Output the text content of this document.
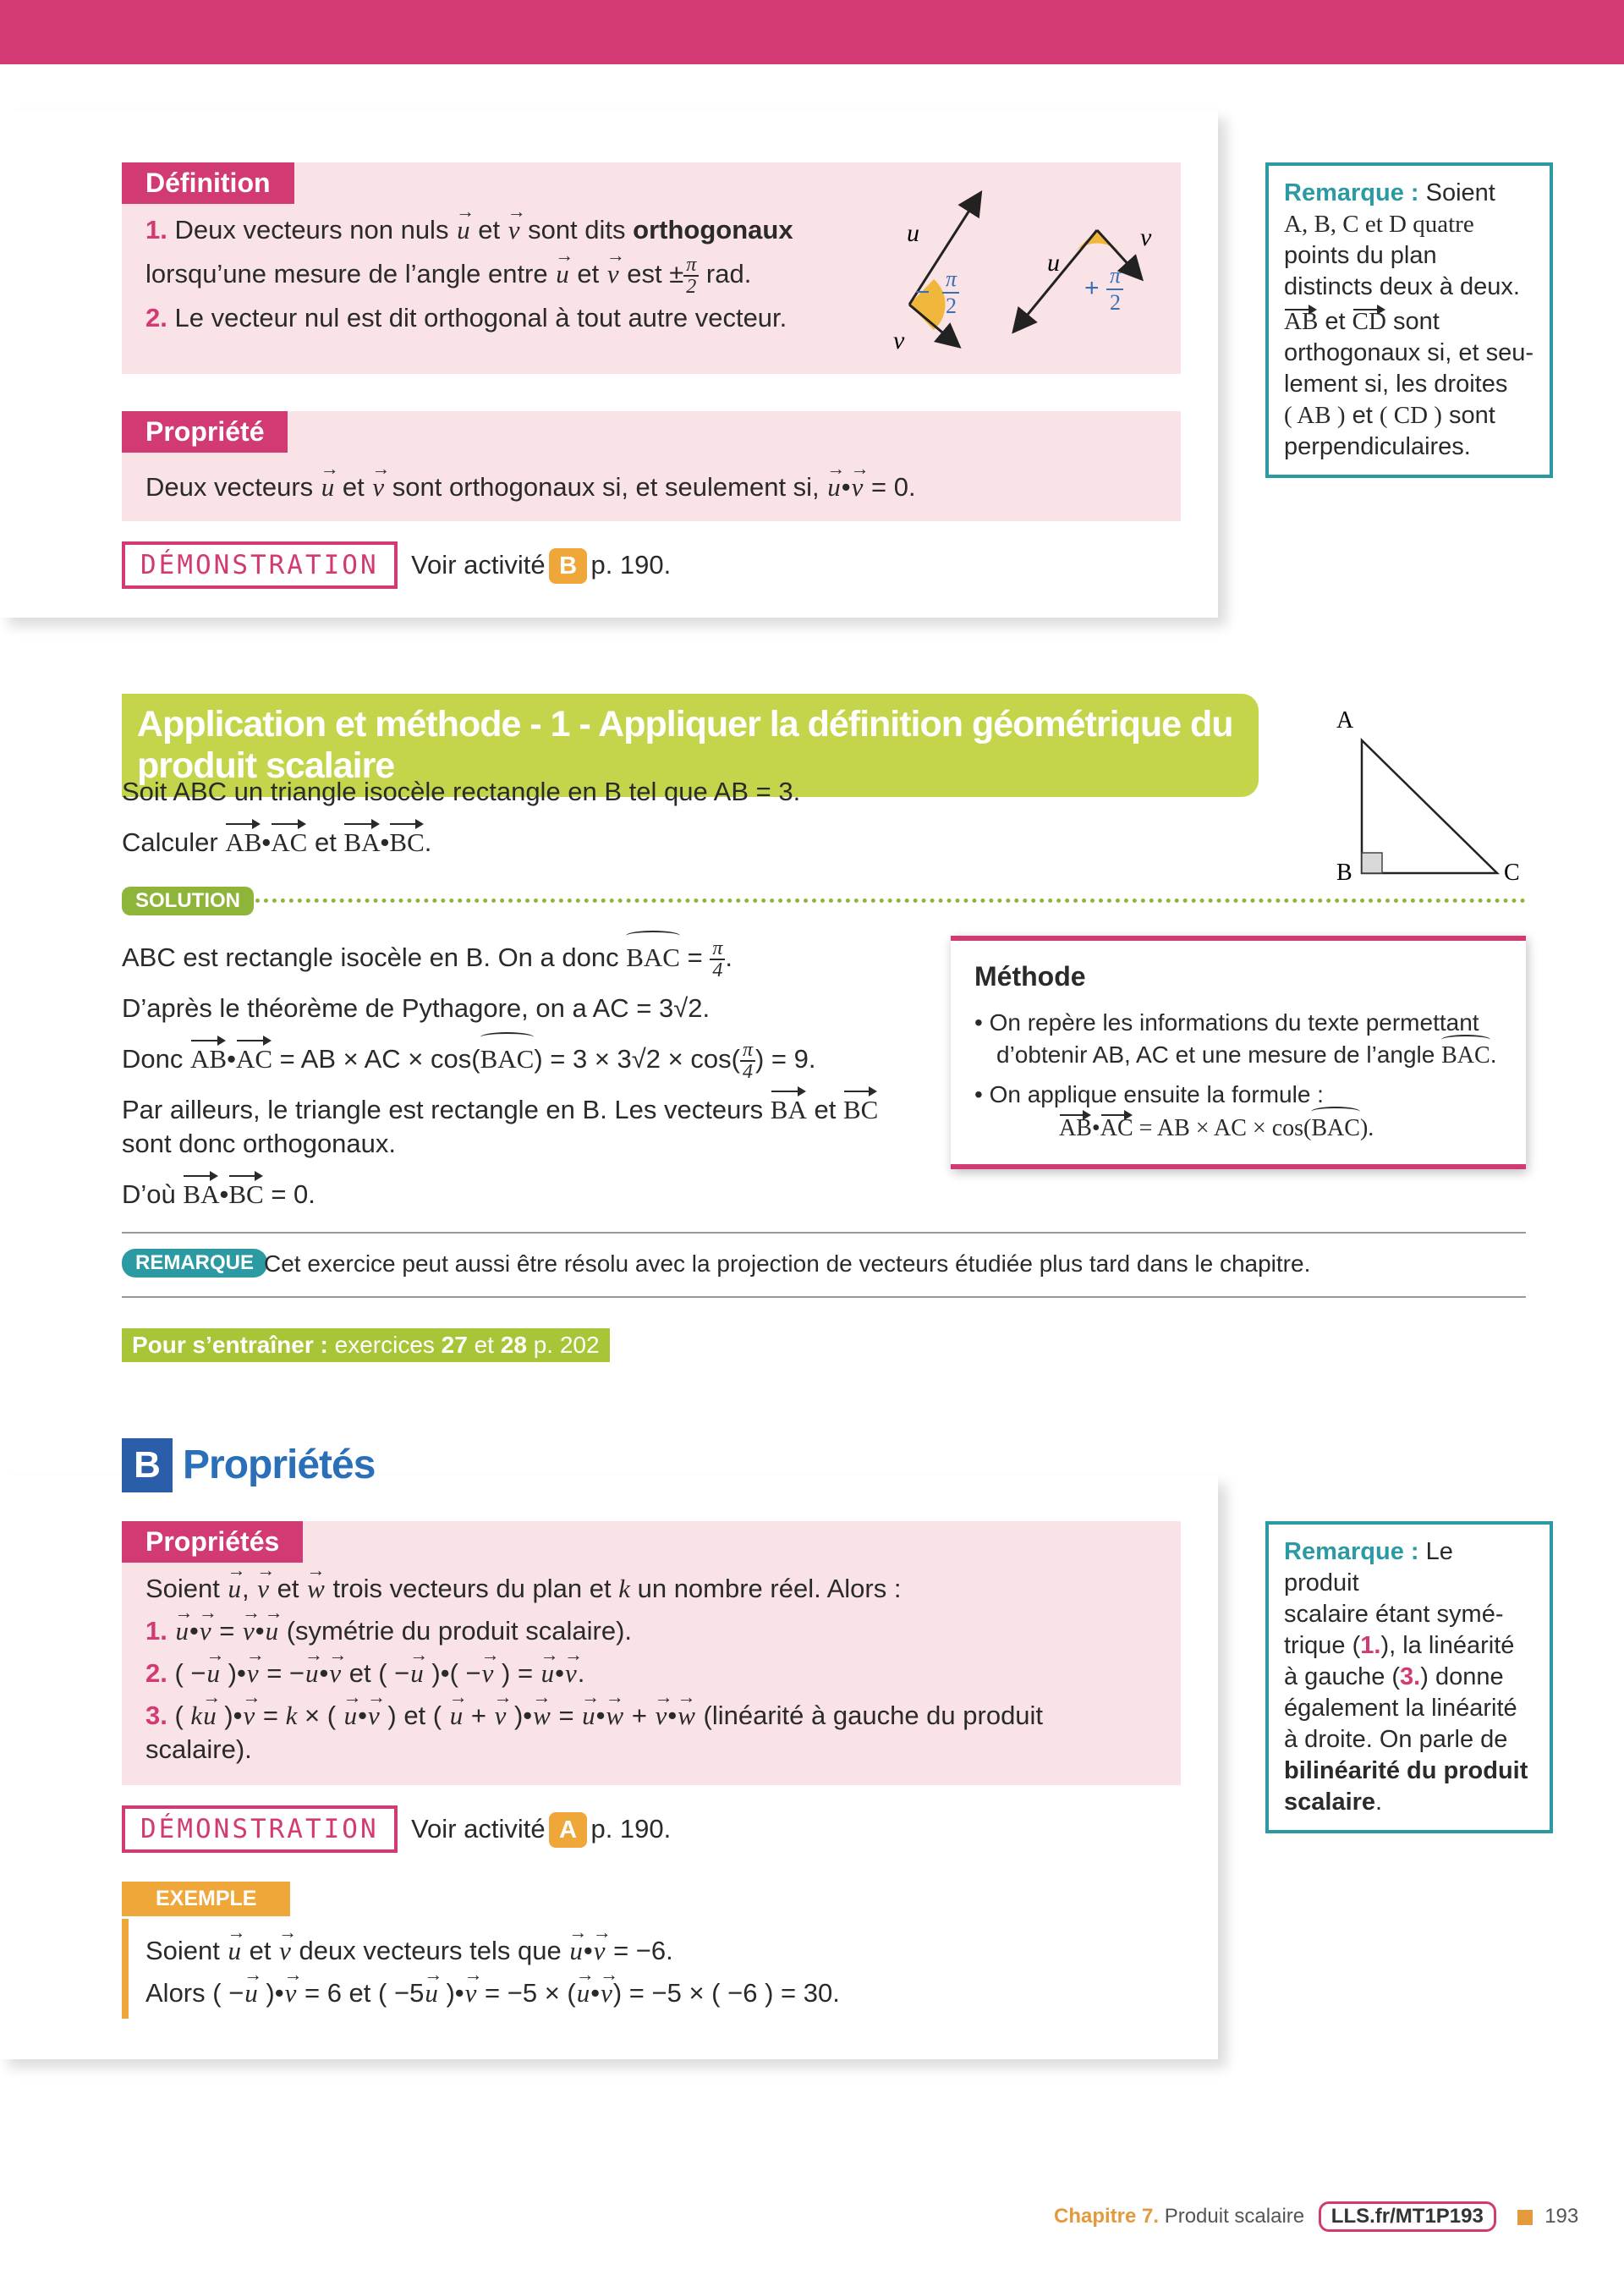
Définition
1. Deux vecteurs non nuls → u et → v sont dits orthogonaux
lorsqu’une mesure de l’angle entre → u et → v est ± $\frac{\pi}{2}$ rad.
2. Le vecteur nul est dit orthogonal à tout autre vecteur.
u
v
− π
2
u
v
+ π
2
Remarque : Soient
A, B, C et D quatre
points du plan
distincts deux à deux.
AB et CD sont
orthogonaux si, et seu-
lement si, les droites
( AB ) et ( CD ) sont
perpendiculaires.
Propriété
Deux vecteurs → u et → v sont orthogonaux si, et seulement si, → u•→ v = 0.
DÉMONSTRATION Voir activité B p. 190.
Application et méthode - 1 - Appliquer la définition géométrique du produit scalaire
Soit ABC un triangle isocèle rectangle en B tel que AB = 3.
Calculer AB•AC et BA•BC.
A
B	C
SOLUTION
ABC est rectangle isocèle en B. On a donc BAC = $\frac{\pi}{4}$ .
D’après le théorème de Pythagore, on a AC = 3√2.
Donc AB•AC = AB × AC × $\cos(BAC) = 3 \times 3√2 \times \cos( \frac{\pi}{4}$ ) = 9.
Par ailleurs, le triangle est rectangle en B. Les vecteurs BA et BC
sont donc orthogonaux.
D’où BA•BC = 0.
Méthode
• On repère les informations du texte permettant
d’obtenir AB, AC et une mesure de l’angle BAC.
• On applique ensuite la formule :
AB•AC = AB × AC × cos(BAC).
REMARQUE Cet exercice peut aussi être résolu avec la projection de vecteurs étudiée plus tard dans le chapitre.
Pour s’entraîner : exercices 27 et 28 p. 202
B Propriétés
Propriétés
Soient → u, → v et → w trois vecteurs du plan et k un nombre réel. Alors :
1. → u•→ v = → v•→ u (symétrie du produit scalaire).
2. ( −→ u )•→ v = −→ u•→ v et ( −→ u )•( −→ v ) = → u•→ v.
3. ( k→ u )•→ v = k × ( → u•→ v ) et ( → u + → v )•→ w = → u•→ w + → v•→ w (linéarité à gauche du produit
scalaire).
Remarque : Le produit
scalaire étant symé-
trique (1.), la linéarité
à gauche (3.) donne
également la linéarité
à droite. On parle de
bilinéarité du produit
scalaire.
DÉMONSTRATION Voir activité A p. 190.
EXEMPLE
Soient → u et → v deux vecteurs tels que → u•→ v = −6.
Alors ( −→ u )•→ v = 6 et ( −5→ u )•→ v = −5 × (→ u•→ v) = −5 × ( −6 ) = 30.
Chapitre 7. Produit scalaire LLS.fr/MT1P193	193
